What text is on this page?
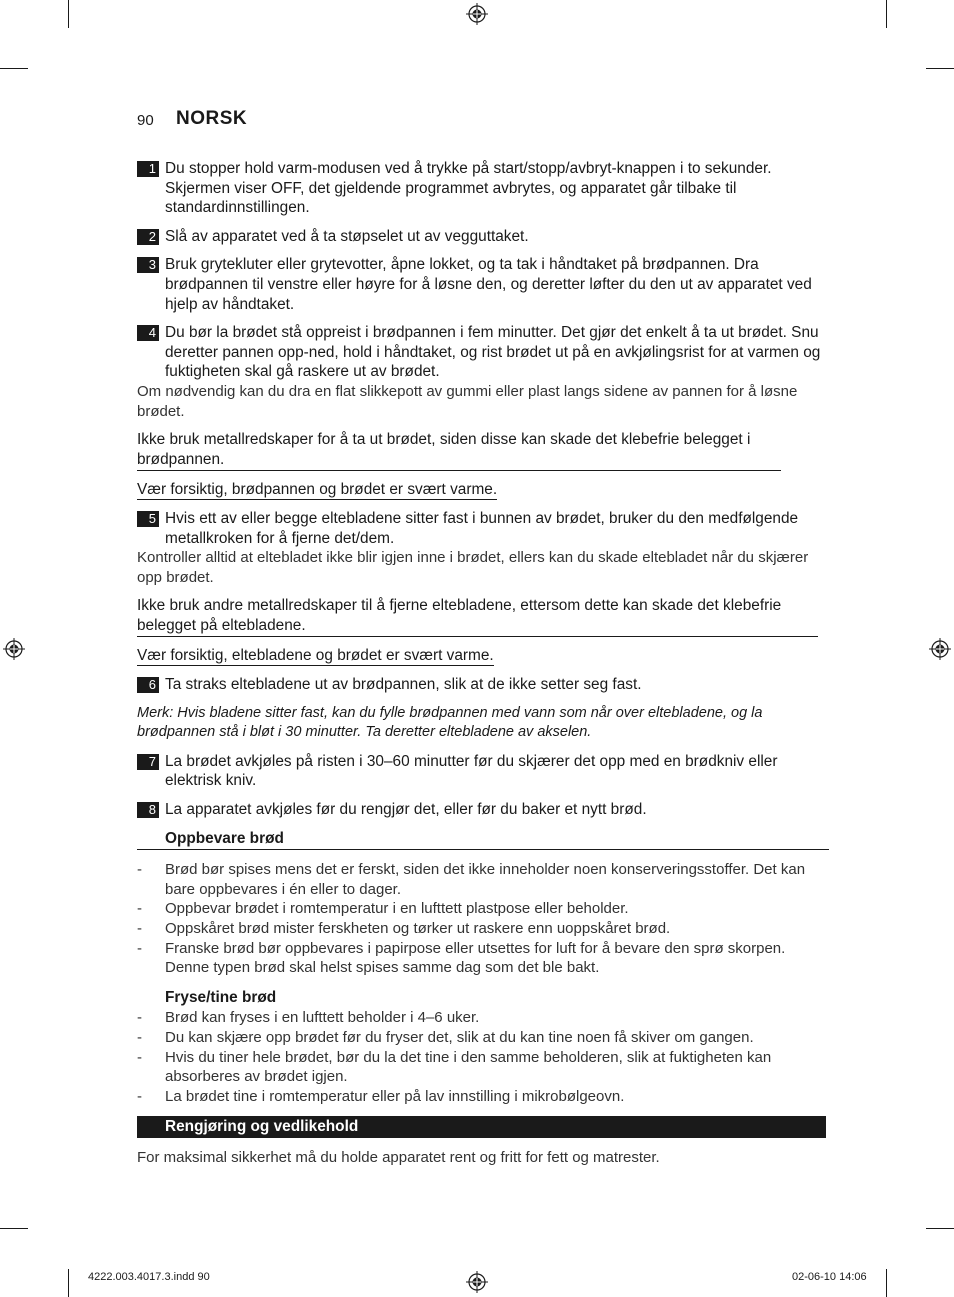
90 NORSK
1 Du stopper hold varm-modusen ved å trykke på start/stopp/avbryt-knappen i to sekunder. Skjermen viser OFF, det gjeldende programmet avbrytes, og apparatet går tilbake til standardinnstillingen.
2 Slå av apparatet ved å ta støpselet ut av vegguttaket.
3 Bruk grytekluter eller grytevotter, åpne lokket, og ta tak i håndtaket på brødpannen. Dra brødpannen til venstre eller høyre for å løsne den, og deretter løfter du den ut av apparatet ved hjelp av håndtaket.
4 Du bør la brødet stå oppreist i brødpannen i fem minutter. Det gjør det enkelt å ta ut brødet. Snu deretter pannen opp-ned, hold i håndtaket, og rist brødet ut på en avkjølingsrist for at varmen og fuktigheten skal gå raskere ut av brødet.
Om nødvendig kan du dra en flat slikkepott av gummi eller plast langs sidene av pannen for å løsne brødet.
Ikke bruk metallredskaper for å ta ut brødet, siden disse kan skade det klebefrie belegget i brødpannen.
Vær forsiktig, brødpannen og brødet er svært varme.
5 Hvis ett av eller begge eltebladene sitter fast i bunnen av brødet, bruker du den medfølgende metallkroken for å fjerne det/dem.
Kontroller alltid at eltebladet ikke blir igjen inne i brødet, ellers kan du skade eltebladet når du skjærer opp brødet.
Ikke bruk andre metallredskaper til å fjerne eltebladene, ettersom dette kan skade det klebefrie belegget på eltebladene.
Vær forsiktig, eltebladene og brødet er svært varme.
6 Ta straks eltebladene ut av brødpannen, slik at de ikke setter seg fast.
Merk: Hvis bladene sitter fast, kan du fylle brødpannen med vann som når over eltebladene, og la brødpannen stå i bløt i 30 minutter. Ta deretter eltebladene av akselen.
7 La brødet avkjøles på risten i 30–60 minutter før du skjærer det opp med en brødkniv eller elektrisk kniv.
8 La apparatet avkjøles før du rengjør det, eller før du baker et nytt brød.
Oppbevare brød
- Brød bør spises mens det er ferskt, siden det ikke inneholder noen konserveringsstoffer. Det kan bare oppbevares i én eller to dager.
- Oppbevar brødet i romtemperatur i en lufttett plastpose eller beholder.
- Oppskåret brød mister ferskheten og tørker ut raskere enn uoppskåret brød.
- Franske brød bør oppbevares i papirpose eller utsettes for luft for å bevare den sprø skorpen. Denne typen brød skal helst spises samme dag som det ble bakt.
Fryse/tine brød
- Brød kan fryses i en lufttett beholder i 4–6 uker.
- Du kan skjære opp brødet før du fryser det, slik at du kan tine noen få skiver om gangen.
- Hvis du tiner hele brødet, bør du la det tine i den samme beholderen, slik at fuktigheten kan absorberes av brødet igjen.
- La brødet tine i romtemperatur eller på lav innstilling i mikrobølgeovn.
Rengjøring og vedlikehold
For maksimal sikkerhet må du holde apparatet rent og fritt for fett og matrester.
4222.003.4017.3.indd 90	02-06-10 14:06
